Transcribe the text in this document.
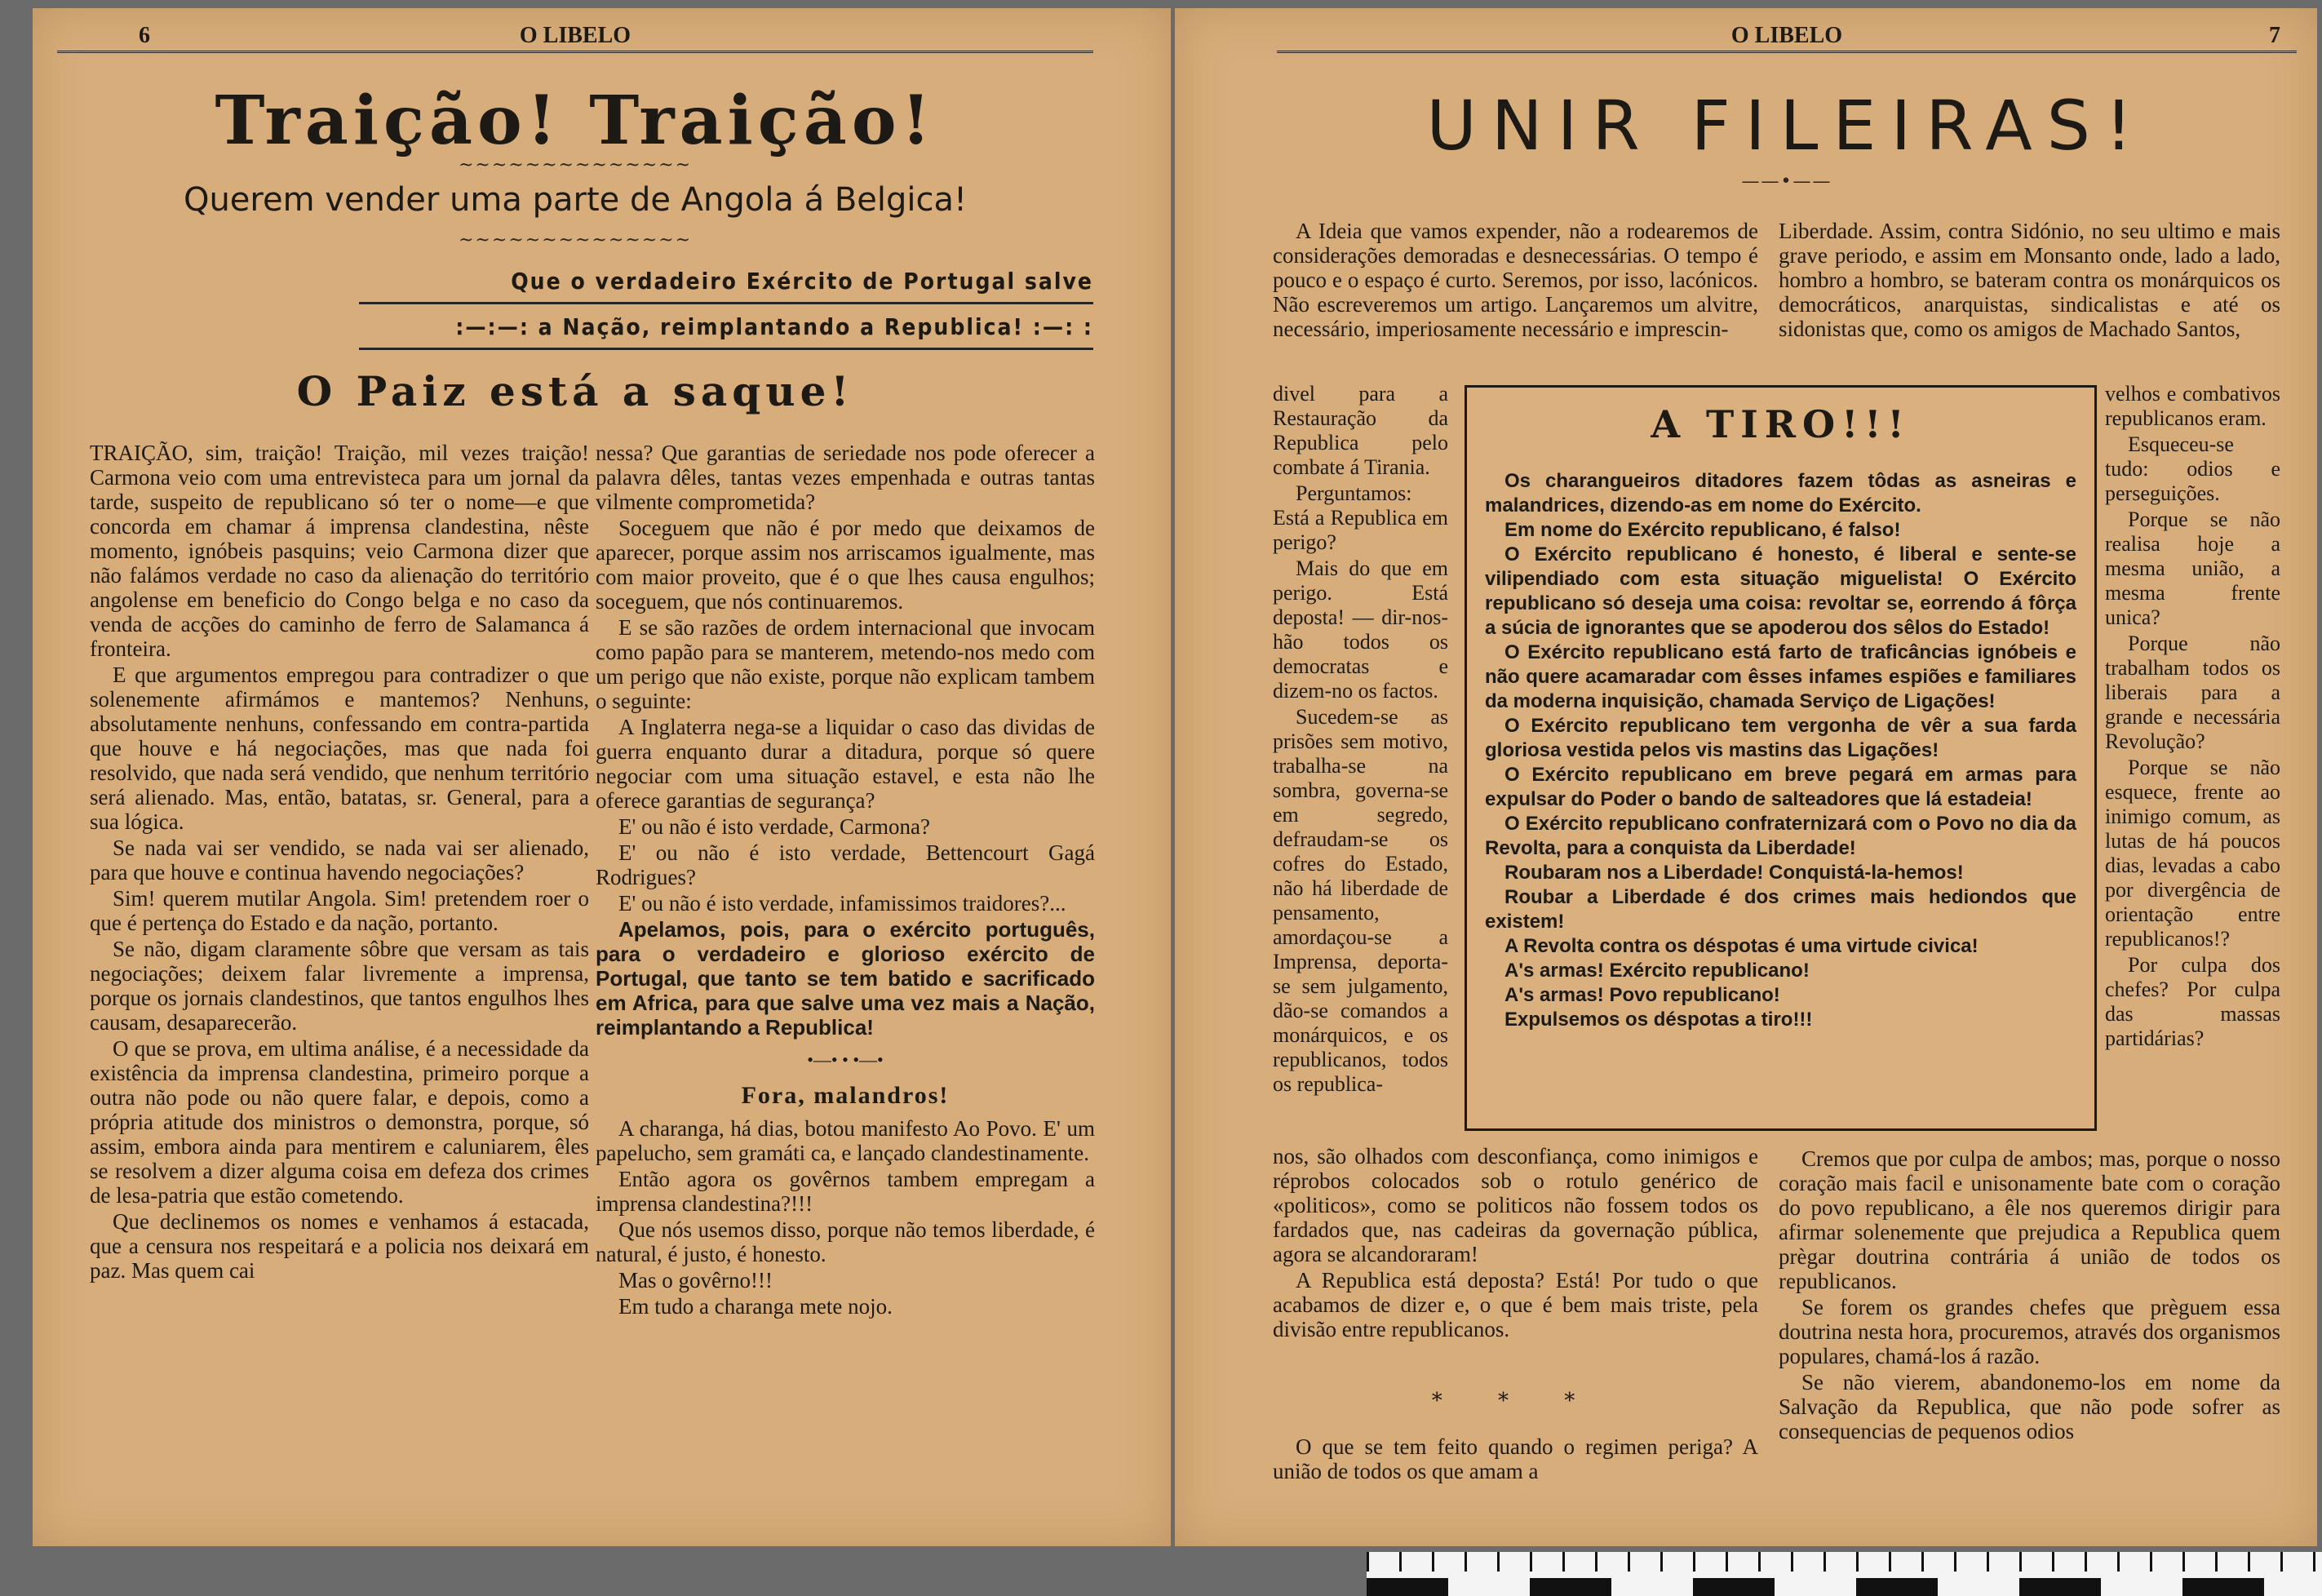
6	O LIBELO
Traição! Traição!
~~~~~~~~~~~~~~
Querem vender uma parte de Angola á Belgica!
~~~~~~~~~~~~~~
Que o verdadeiro Exército de Portugal salve
:—:—: a Nação, reimplantando a Republica! :—: :
O Paiz está a saque!

TRAIÇÃO, sim, traição! Traição, mil vezes traição! Carmona veio com uma entrevisteca para um jornal da tarde, suspeito de republicano só ter o nome—e que concorda em chamar á imprensa clandestina, nêste momento, ignóbeis pasquins; veio Carmona dizer que não falámos verdade no caso da alienação do território angolense em beneficio do Congo belga e no caso da venda de acções do caminho de ferro de Salamanca á fronteira.

E que argumentos empregou para contradizer o que solenemente afirmámos e mantemos? Nenhuns, absolutamente nenhuns, confessando em contra-partida que houve e há negociações, mas que nada foi resolvido, que nada será vendido, que nenhum território será alienado. Mas, então, batatas, sr. General, para a sua lógica.

Se nada vai ser vendido, se nada vai ser alienado, para que houve e continua havendo negociações?

Sim! querem mutilar Angola. Sim! pretendem roer o que é pertença do Estado e da nação, portanto.

Se não, digam claramente sôbre que versam as tais negociações; deixem falar livremente a imprensa, porque os jornais clandestinos, que tantos engulhos lhes causam, desaparecerão.

O que se prova, em ultima análise, é a necessidade da existência da imprensa clandestina, primeiro porque a outra não pode ou não quere falar, e depois, como a própria atitude dos ministros o demonstra, porque, só assim, embora ainda para mentirem e caluniarem, êles se resolvem a dizer alguma coisa em defeza dos crimes de lesa-patria que estão cometendo.

Que declinemos os nomes e venhamos á estacada, que a censura nos respeitará e a policia nos deixará em paz. Mas quem cai

nessa? Que garantias de seriedade nos pode oferecer a palavra dêles, tantas vezes empenhada e outras tantas vilmente comprometida?

Soceguem que não é por medo que deixamos de aparecer, porque assim nos arriscamos igualmente, mas com maior proveito, que é o que lhes causa engulhos; soceguem, que nós continuaremos.

E se são razões de ordem internacional que invocam como papão para se manterem, metendo-nos medo com um perigo que não existe, porque não explicam tambem o seguinte:

A Inglaterra nega-se a liquidar o caso das dividas de guerra enquanto durar a ditadura, porque só quere negociar com uma situação estavel, e esta não lhe oferece garantias de segurança?

E' ou não é isto verdade, Carmona?

E' ou não é isto verdade, Bettencourt Gagá Rodrigues?

E' ou não é isto verdade, infamissimos traidores?...

Apelamos, pois, para o exército português, para o verdadeiro e glorioso exército de Portugal, que tanto se tem batido e sacrificado em Africa, para que salve uma vez mais a Nação, reimplantando a Republica!

•—• • •—•

Fora, malandros!

A charanga, há dias, botou manifesto Ao Povo. E' um papelucho, sem gramáti ca, e lançado clandestinamente.

Então agora os govêrnos tambem empregam a imprensa clandestina?!!!

Que nós usemos disso, porque não temos liberdade, é natural, é justo, é honesto.

Mas o govêrno!!!

Em tudo a charanga mete nojo.

O LIBELO	7
UNIR FILEIRAS!
——•——

A Ideia que vamos expender, não a rodearemos de considerações demoradas e desnecessárias. O tempo é pouco e o espaço é curto. Seremos, por isso, lacónicos. Não escreveremos um artigo. Lançaremos um alvitre, necessário, imperiosamente necessário e imprescin-

divel para a Restauração da Republica pelo combate á Tirania.

Perguntamos: Está a Republica em perigo?

Mais do que em perigo. Está deposta! — dir-nos-hão todos os democratas e dizem-no os factos.

Sucedem-se as prisões sem motivo, trabalha-se na sombra, governa-se em segredo, defraudam-se os cofres do Estado, não há liberdade de pensamento, amordaçou-se a Imprensa, deporta-se sem julgamento, dão-se comandos a monárquicos, e os republicanos, todos os republica-

nos, são olhados com desconfiança, como inimigos e réprobos colocados sob o rotulo genérico de «politicos», como se politicos não fossem todos os fardados que, nas cadeiras da governação pública, agora se alcandoraram!

A Republica está deposta? Está! Por tudo o que acabamos de dizer e, o que é bem mais triste, pela divisão entre republicanos.

* * *

O que se tem feito quando o regimen periga? A união de todos os que amam a

Liberdade. Assim, contra Sidónio, no seu ultimo e mais grave periodo, e assim em Monsanto onde, lado a lado, hombro a hombro, se bateram contra os monárquicos os democráticos, anarquistas, sindicalistas e até os sidonistas que, como os amigos de Machado Santos,

velhos e combativos republicanos eram.

Esqueceu-se tudo: odios e perseguições.

Porque se não realisa hoje a mesma união, a mesma frente unica?

Porque não trabalham todos os liberais para a grande e necessária Revolução?

Porque se não esquece, frente ao inimigo comum, as lutas de há poucos dias, levadas a cabo por divergência de orientação entre republicanos!?

Por culpa dos chefes? Por culpa das massas partidárias?

Cremos que por culpa de ambos; mas, porque o nosso coração mais facil e unisonamente bate com o coração do povo republicano, a êle nos queremos dirigir para afirmar solenemente que prejudica a Republica quem prègar doutrina contrária á união de todos os republicanos.

Se forem os grandes chefes que prèguem essa doutrina nesta hora, procuremos, através dos organismos populares, chamá-los á razão.

Se não vierem, abandonemo-los em nome da Salvação da Republica, que não pode sofrer as consequencias de pequenos odios

A TIRO!!!

Os charangueiros ditadores fazem tôdas as asneiras e malandrices, dizendo-as em nome do Exército.

Em nome do Exército republicano, é falso!

O Exército republicano é honesto, é liberal e sente-se vilipendiado com esta situação miguelista! O Exército republicano só deseja uma coisa: revoltar se, eorrendo á fôrça a súcia de ignorantes que se apoderou dos sêlos do Estado!

O Exército republicano está farto de traficâncias ignóbeis e não quere acamaradar com êsses infames espiões e familiares da moderna inquisição, chamada Serviço de Ligações!

O Exército republicano tem vergonha de vêr a sua farda gloriosa vestida pelos vis mastins das Ligações!

O Exército republicano em breve pegará em armas para expulsar do Poder o bando de salteadores que lá estadeia!

O Exército republicano confraternizará com o Povo no dia da Revolta, para a conquista da Liberdade!

Roubaram nos a Liberdade! Conquistá-la-hemos!

Roubar a Liberdade é dos crimes mais hediondos que existem!

A Revolta contra os déspotas é uma virtude civica!

A's armas! Exército republicano!

A's armas! Povo republicano!

Expulsemos os déspotas a tiro!!!
